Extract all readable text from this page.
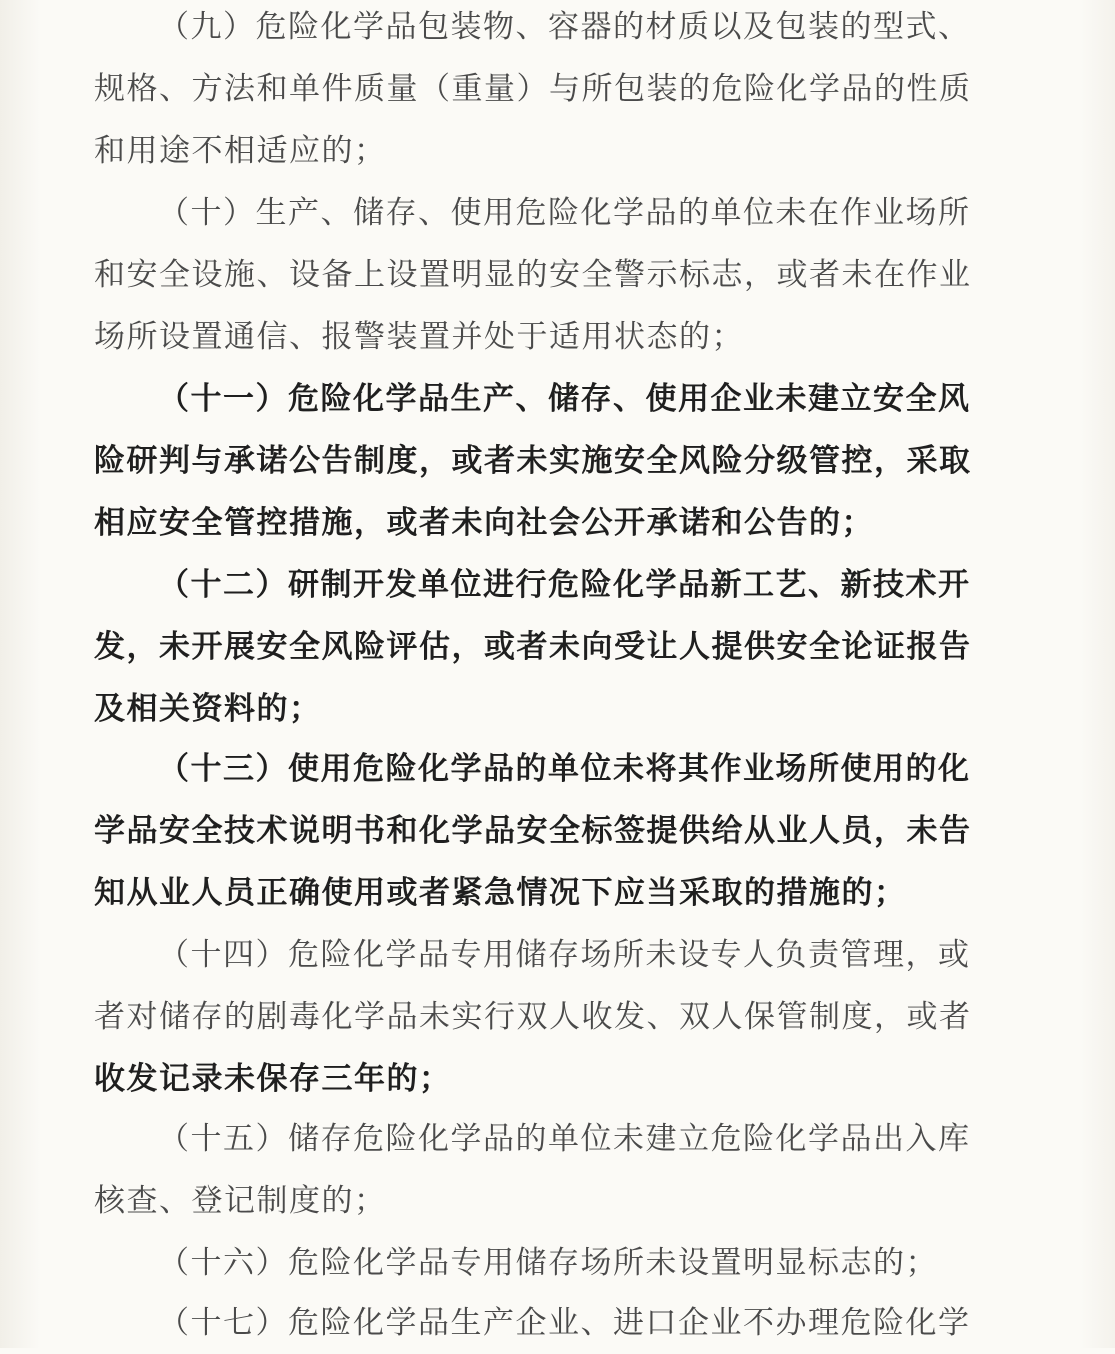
（九）危险化学品包装物、容器的材质以及包装的型式、
规格、方法和单件质量（重量）与所包装的危险化学品的性质
和用途不相适应的；
（十）生产、储存、使用危险化学品的单位未在作业场所
和安全设施、设备上设置明显的安全警示标志，或者未在作业
场所设置通信、报警装置并处于适用状态的；
（十一）危险化学品生产、储存、使用企业未建立安全风
险研判与承诺公告制度，或者未实施安全风险分级管控，采取
相应安全管控措施，或者未向社会公开承诺和公告的；
（十二）研制开发单位进行危险化学品新工艺、新技术开
发，未开展安全风险评估，或者未向受让人提供安全论证报告
及相关资料的；
（十三）使用危险化学品的单位未将其作业场所使用的化
学品安全技术说明书和化学品安全标签提供给从业人员，未告
知从业人员正确使用或者紧急情况下应当采取的措施的；
（十四）危险化学品专用储存场所未设专人负责管理，或
者对储存的剧毒化学品未实行双人收发、双人保管制度，或者
收发记录未保存三年的；
（十五）储存危险化学品的单位未建立危险化学品出入库
核查、登记制度的；
（十六）危险化学品专用储存场所未设置明显标志的；
（十七）危险化学品生产企业、进口企业不办理危险化学
